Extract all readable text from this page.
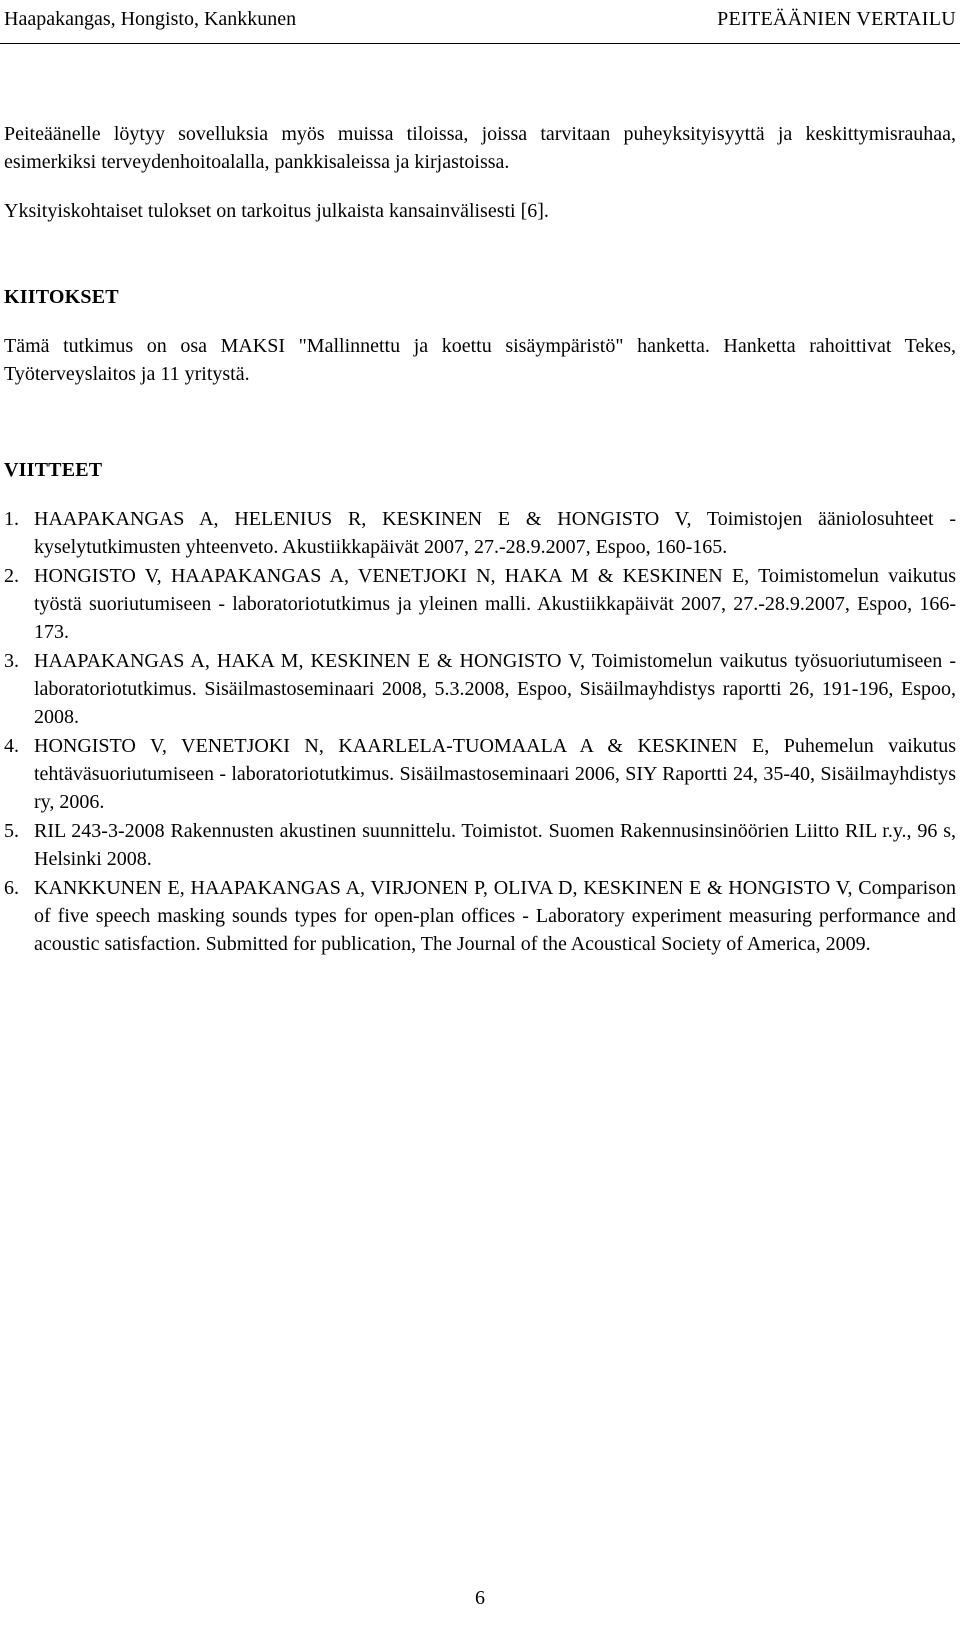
Haapakangas, Hongisto, Kankkunen	PEITEÄÄNIEN VERTAILU

Peiteäänelle löytyy sovelluksia myös muissa tiloissa, joissa tarvitaan puheyksityisyyttä ja keskittymisrauhaa, esimerkiksi terveydenhoitoalalla, pankkisaleissa ja kirjastoissa.

Yksityiskohtaiset tulokset on tarkoitus julkaista kansainvälisesti [6].

KIITOKSET

Tämä tutkimus on osa MAKSI "Mallinnettu ja koettu sisäympäristö" hanketta. Hanketta rahoittivat Tekes, Työterveyslaitos ja 11 yritystä.

VIITTEET

1. HAAPAKANGAS A, HELENIUS R, KESKINEN E & HONGISTO V, Toimistojen ääniolosuhteet - kyselytutkimusten yhteenveto. Akustiikkapäivät 2007, 27.-28.9.2007, Espoo, 160-165.
2. HONGISTO V, HAAPAKANGAS A, VENETJOKI N, HAKA M & KESKINEN E, Toimistomelun vaikutus työstä suoriutumiseen - laboratoriotutkimus ja yleinen malli. Akustiikkapäivät 2007, 27.-28.9.2007, Espoo, 166-173.
3. HAAPAKANGAS A, HAKA M, KESKINEN E & HONGISTO V, Toimistomelun vaikutus työsuoriutumiseen - laboratoriotutkimus. Sisäilmastoseminaari 2008, 5.3.2008, Espoo, Sisäilmayhdistys raportti 26, 191-196, Espoo, 2008.
4. HONGISTO V, VENETJOKI N, KAARLELA-TUOMAALA A & KESKINEN E, Puhemelun vaikutus tehtäväsuoriutumiseen - laboratoriotutkimus. Sisäilmastoseminaari 2006, SIY Raportti 24, 35-40, Sisäilmayhdistys ry, 2006.
5. RIL 243-3-2008 Rakennusten akustinen suunnittelu. Toimistot. Suomen Rakennusinsinöörien Liitto RIL r.y., 96 s, Helsinki 2008.
6. KANKKUNEN E, HAAPAKANGAS A, VIRJONEN P, OLIVA D, KESKINEN E & HONGISTO V, Comparison of five speech masking sounds types for open-plan offices - Laboratory experiment measuring performance and acoustic satisfaction. Submitted for publication, The Journal of the Acoustical Society of America, 2009.
6
